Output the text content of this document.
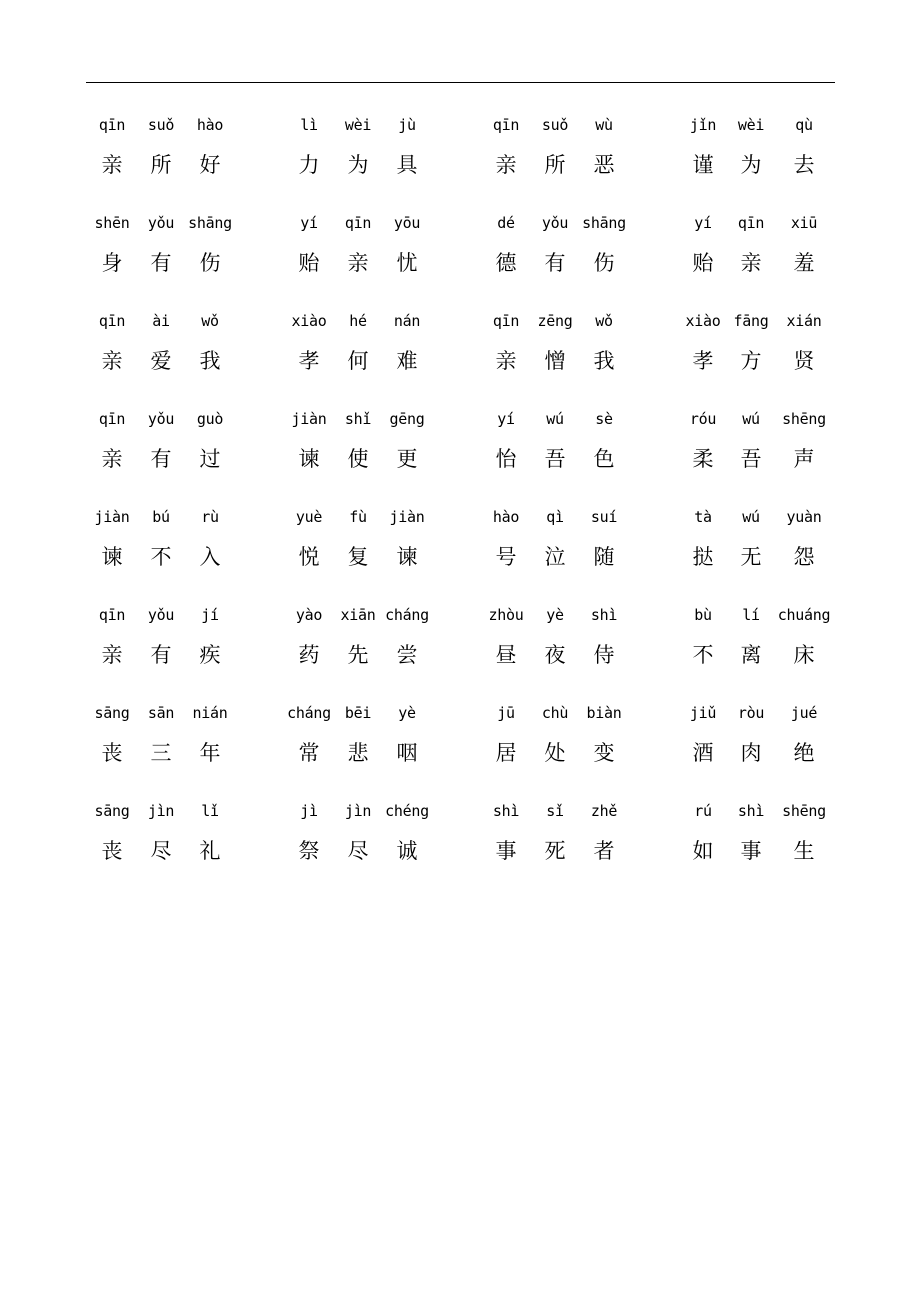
qīn suǒ hào
亲 所 好
lì wèi jù
力 为 具
qīn suǒ wù
亲 所 恶
jǐn wèi qù
谨 为 去
shēn yǒu shāng
身 有 伤
yí qīn yōu
贻 亲 忧
dé yǒu shāng
德 有 伤
yí qīn xiū
贻 亲 羞
qīn ài wǒ
亲 爱 我
xiào hé nán
孝 何 难
qīn zēng wǒ
亲 憎 我
xiào fāng xián
孝 方 贤
qīn yǒu guò
亲 有 过
jiàn shǐ gēng
谏 使 更
yí wú sè
怡 吾 色
róu wú shēng
柔 吾 声
jiàn bú rù
谏 不 入
yuè fù jiàn
悦 复 谏
hào qì suí
号 泣 随
tà wú yuàn
挞 无 怨
qīn yǒu jí
亲 有 疾
yào xiān cháng
药 先 尝
zhòu yè shì
昼 夜 侍
bù lí chuáng
不 离 床
sāng sān nián
丧 三 年
cháng bēi yè
常 悲 咽
jū chù biàn
居 处 变
jiǔ ròu jué
酒 肉 绝
sāng jìn lǐ
丧 尽 礼
jì jìn chéng
祭 尽 诚
shì sǐ zhě
事 死 者
rú shì shēng
如 事 生
